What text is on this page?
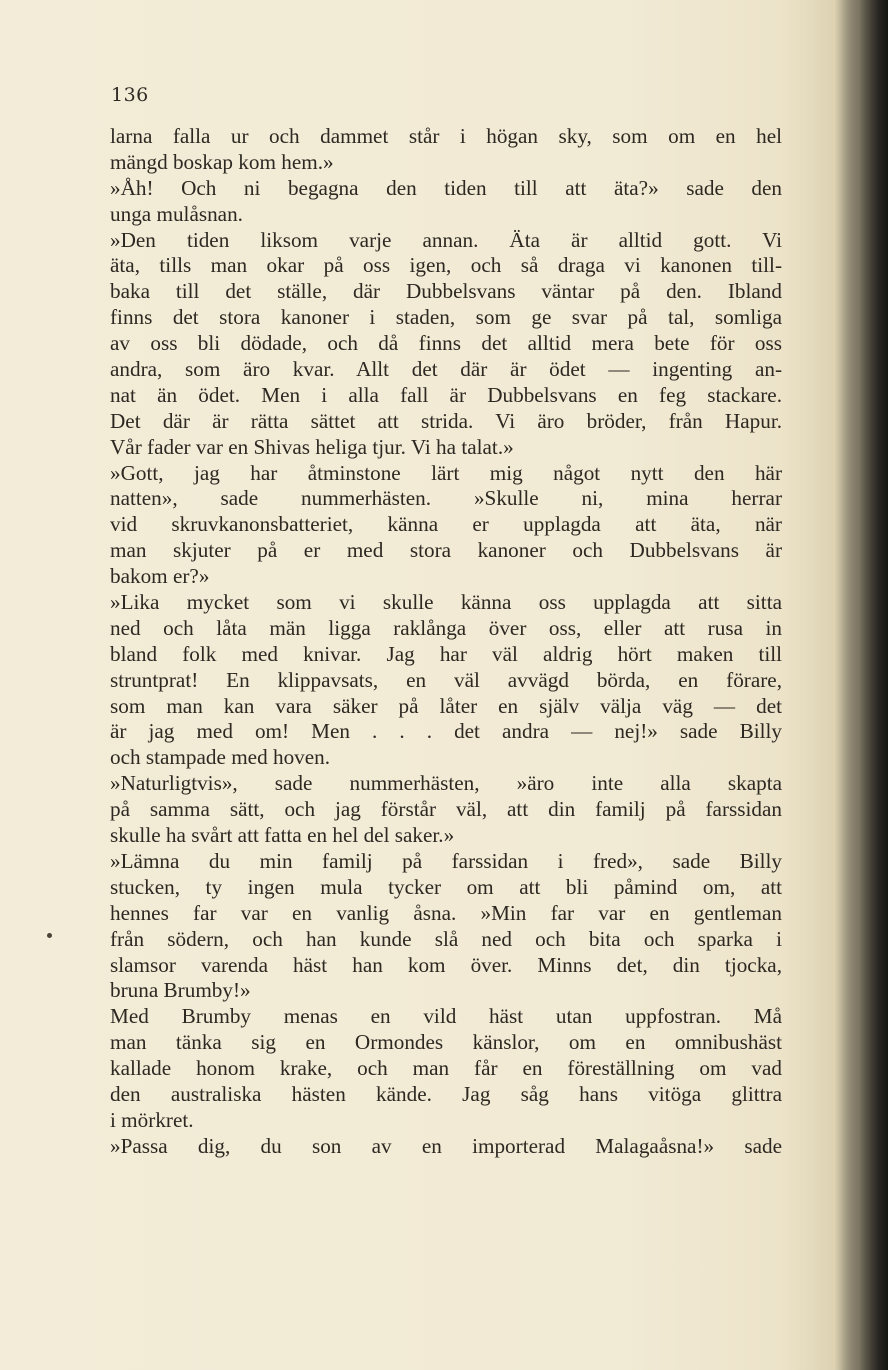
136
larna falla ur och dammet står i högan sky, som om en hel
mängd boskap kom hem.»
»Åh! Och ni begagna den tiden till att äta?» sade den
unga mulåsnan.
»Den tiden liksom varje annan. Äta är alltid gott. Vi
äta, tills man okar på oss igen, och så draga vi kanonen till-
baka till det ställe, där Dubbelsvans väntar på den. Ibland
finns det stora kanoner i staden, som ge svar på tal, somliga
av oss bli dödade, och då finns det alltid mera bete för oss
andra, som äro kvar. Allt det där är ödet — ingenting an-
nat än ödet. Men i alla fall är Dubbelsvans en feg stackare.
Det där är rätta sättet att strida. Vi äro bröder, från Hapur.
Vår fader var en Shivas heliga tjur. Vi ha talat.»
»Gott, jag har åtminstone lärt mig något nytt den här
natten», sade nummerhästen. »Skulle ni, mina herrar
vid skruvkanonsbatteriet, känna er upplagda att äta, när
man skjuter på er med stora kanoner och Dubbelsvans är
bakom er?»
»Lika mycket som vi skulle känna oss upplagda att sitta
ned och låta män ligga raklånga över oss, eller att rusa in
bland folk med knivar. Jag har väl aldrig hört maken till
struntprat! En klippavsats, en väl avvägd börda, en förare,
som man kan vara säker på låter en själv välja väg — det
är jag med om! Men . . . det andra — nej!» sade Billy
och stampade med hoven.
»Naturligtvis», sade nummerhästen, »äro inte alla skapta
på samma sätt, och jag förstår väl, att din familj på farssidan
skulle ha svårt att fatta en hel del saker.»
»Lämna du min familj på farssidan i fred», sade Billy
stucken, ty ingen mula tycker om att bli påmind om, att
hennes far var en vanlig åsna. »Min far var en gentleman
från södern, och han kunde slå ned och bita och sparka i
slamsor varenda häst han kom över. Minns det, din tjocka,
bruna Brumby!»
Med Brumby menas en vild häst utan uppfostran. Må
man tänka sig en Ormondes känslor, om en omnibushäst
kallade honom krake, och man får en föreställning om vad
den australiska hästen kände. Jag såg hans vitöga glittra
i mörkret.
»Passa dig, du son av en importerad Malagaåsna!» sade
